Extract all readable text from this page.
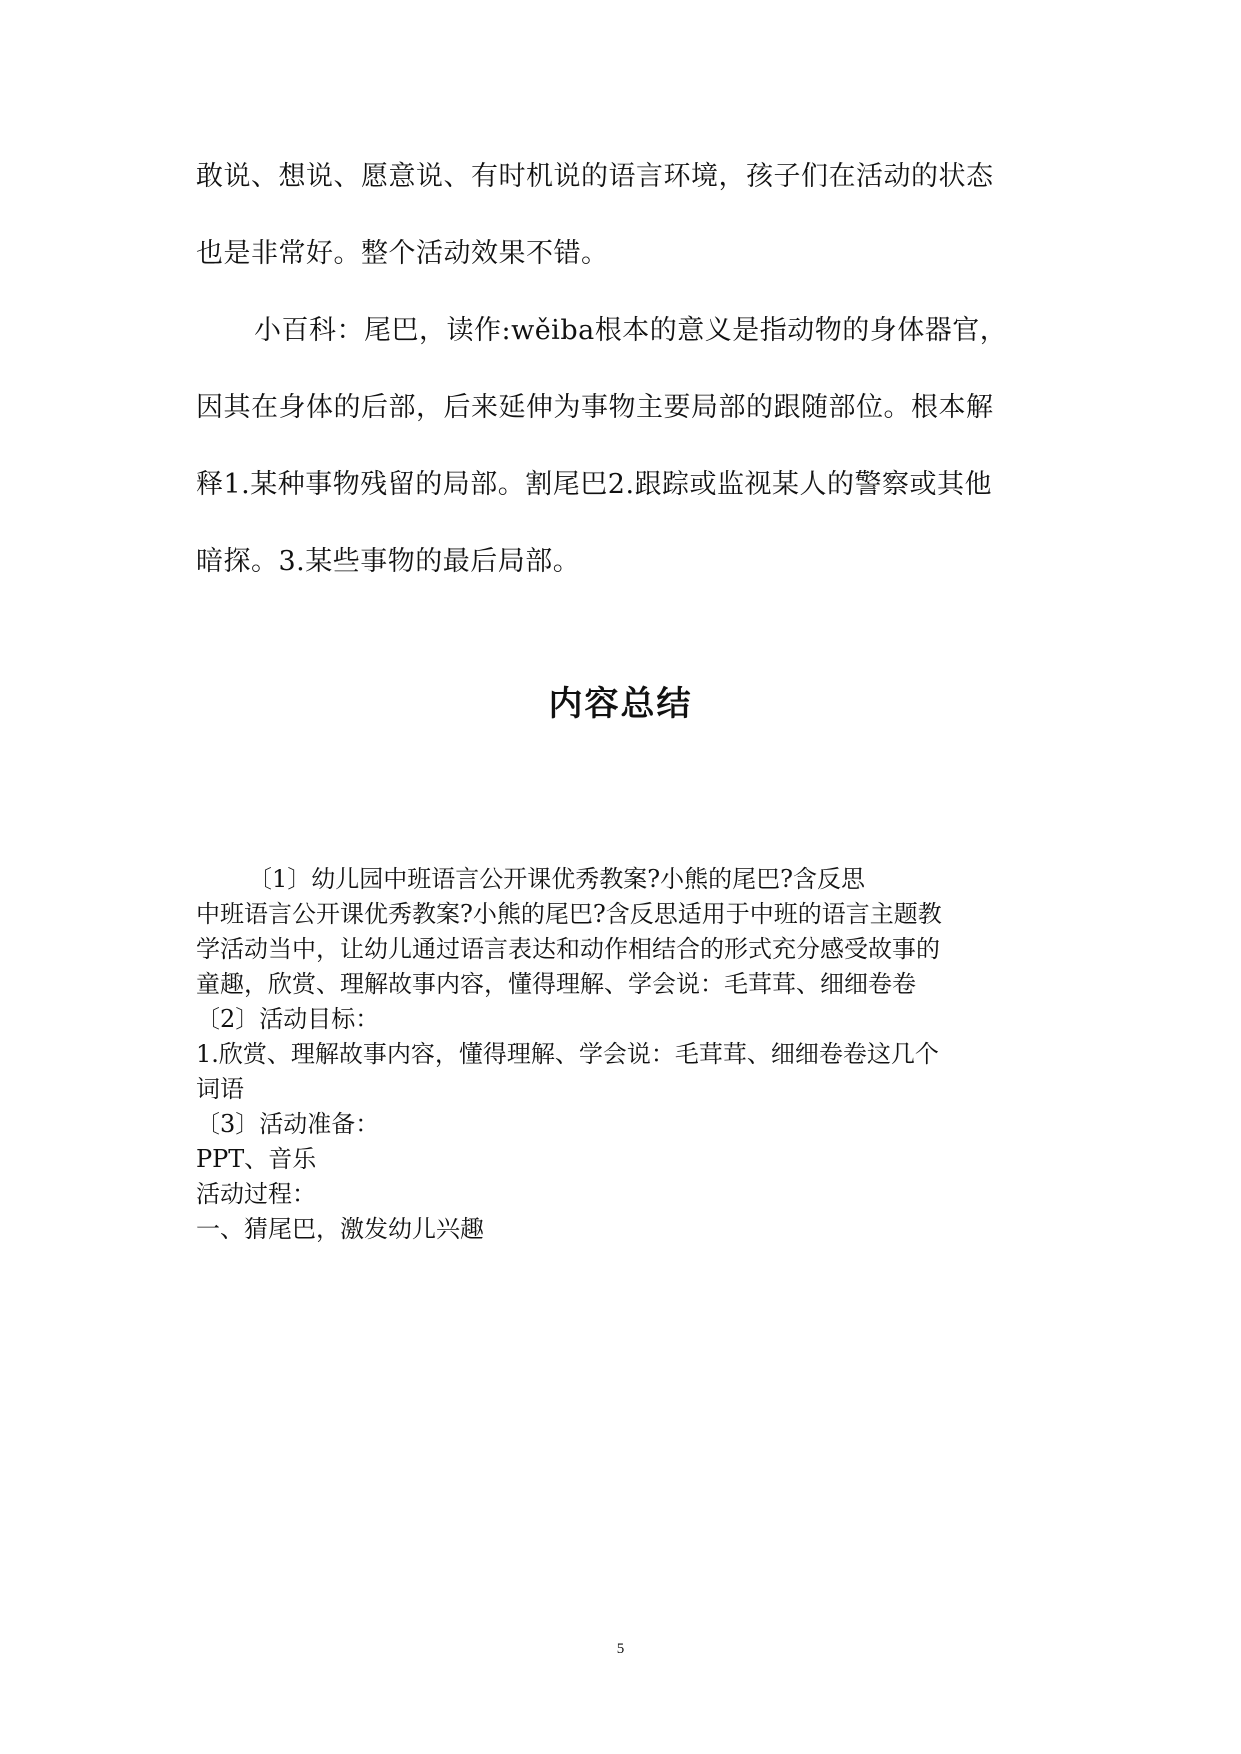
敢说、想说、愿意说、有时机说的语言环境，孩子们在活动的状态
也是非常好。整个活动效果不错。
小百科：尾巴，读作:wěiba根本的意义是指动物的身体器官，
因其在身体的后部，后来延伸为事物主要局部的跟随部位。根本解
释1.某种事物残留的局部。割尾巴2.跟踪或监视某人的警察或其他
暗探。3.某些事物的最后局部。
内容总结
〔1〕幼儿园中班语言公开课优秀教案?小熊的尾巴?含反思
中班语言公开课优秀教案?小熊的尾巴?含反思适用于中班的语言主题教
学活动当中，让幼儿通过语言表达和动作相结合的形式充分感受故事的
童趣，欣赏、理解故事内容，懂得理解、学会说：毛茸茸、细细卷卷
〔2〕活动目标：
1.欣赏、理解故事内容，懂得理解、学会说：毛茸茸、细细卷卷这几个
词语
〔3〕活动准备：
PPT、音乐
活动过程：
一、猜尾巴，激发幼儿兴趣
5
